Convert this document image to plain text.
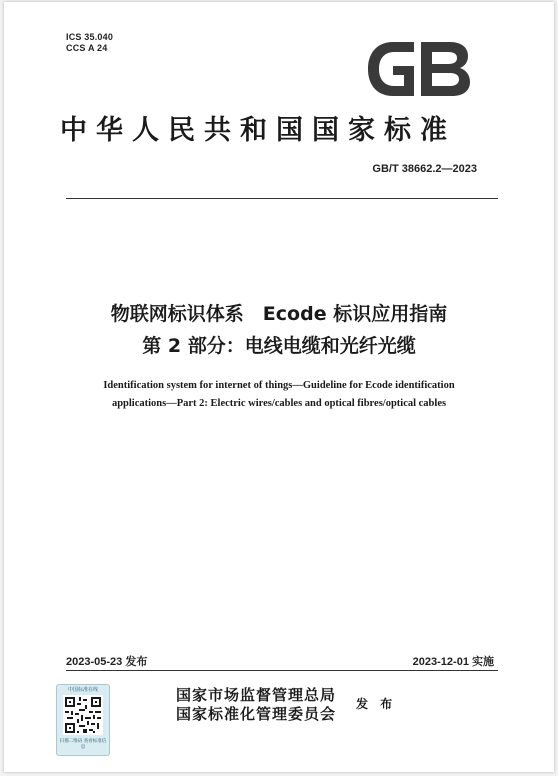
ICS 35.040
CCS A 24
中华人民共和国国家标准
GB/T 38662.2—2023
物联网标识体系　Ecode 标识应用指南
第 2 部分：电线电缆和光纤光缆
Identification system for internet of things—Guideline for Ecode identification
applications—Part 2: Electric wires/cables and optical fibres/optical cables
2023-05-23 发布	2023-12-01 实施
中国标准在线
扫描二维码 查看标准信息
国家市场监督管理总局
国家标准化管理委员会
发 布
